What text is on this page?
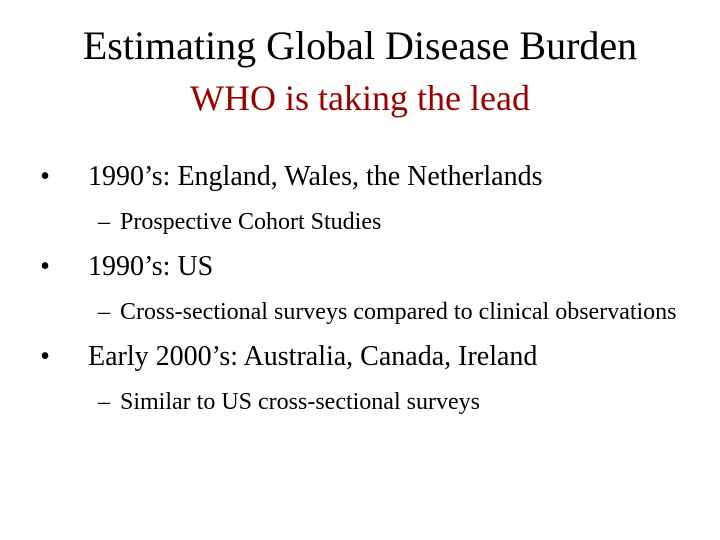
Estimating Global Disease Burden
WHO is taking the lead
•	1990’s: England, Wales, the Netherlands
– Prospective Cohort Studies
•	1990’s: US
– Cross-sectional surveys compared to clinical observations
•	Early 2000’s: Australia, Canada, Ireland
– Similar to US cross-sectional surveys
